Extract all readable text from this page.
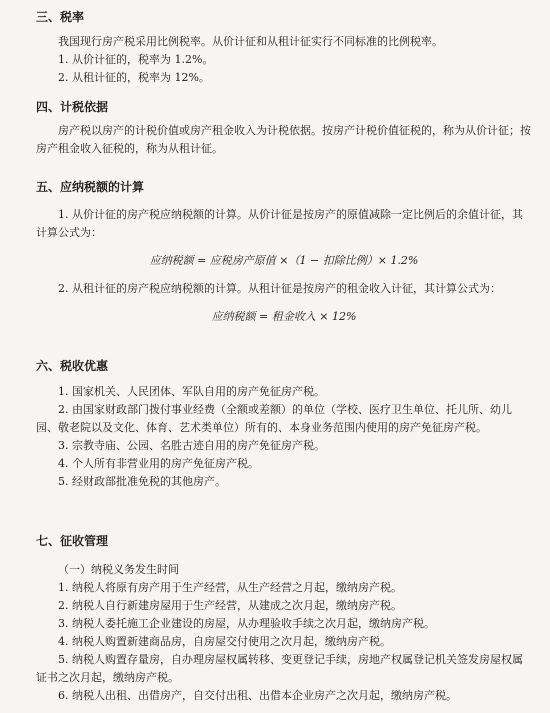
三、税率

我国现行房产税采用比例税率。从价计征和从租计征实行不同标准的比例税率。

1. 从价计征的，税率为 1.2%。

2. 从租计征的，税率为 12%。

四、计税依据

房产税以房产的计税价值或房产租金收入为计税依据。按房产计税价值征税的，称为从价计征；按房产租金收入征税的，称为从租计征。

五、应纳税额的计算

1. 从价计征的房产税应纳税额的计算。从价计征是按房产的原值减除一定比例后的余值计征，其计算公式为：

应纳税额 = 应税房产原值 ×（1 − 扣除比例）× 1.2%

2. 从租计征的房产税应纳税额的计算。从租计征是按房产的租金收入计征，其计算公式为：

应纳税额 = 租金收入 × 12%

六、税收优惠

1. 国家机关、人民团体、军队自用的房产免征房产税。

2. 由国家财政部门拨付事业经费（全额或差额）的单位（学校、医疗卫生单位、托儿所、幼儿园、敬老院以及文化、体育、艺术类单位）所有的、本身业务范围内使用的房产免征房产税。

3. 宗教寺庙、公园、名胜古迹自用的房产免征房产税。

4. 个人所有非营业用的房产免征房产税。

5. 经财政部批准免税的其他房产。

七、征收管理

（一）纳税义务发生时间

1. 纳税人将原有房产用于生产经营，从生产经营之月起，缴纳房产税。

2. 纳税人自行新建房屋用于生产经营，从建成之次月起，缴纳房产税。

3. 纳税人委托施工企业建设的房屋，从办理验收手续之次月起，缴纳房产税。

4. 纳税人购置新建商品房，自房屋交付使用之次月起，缴纳房产税。

5. 纳税人购置存量房，自办理房屋权属转移、变更登记手续，房地产权属登记机关签发房屋权属证书之次月起，缴纳房产税。

6. 纳税人出租、出借房产，自交付出租、出借本企业房产之次月起，缴纳房产税。
